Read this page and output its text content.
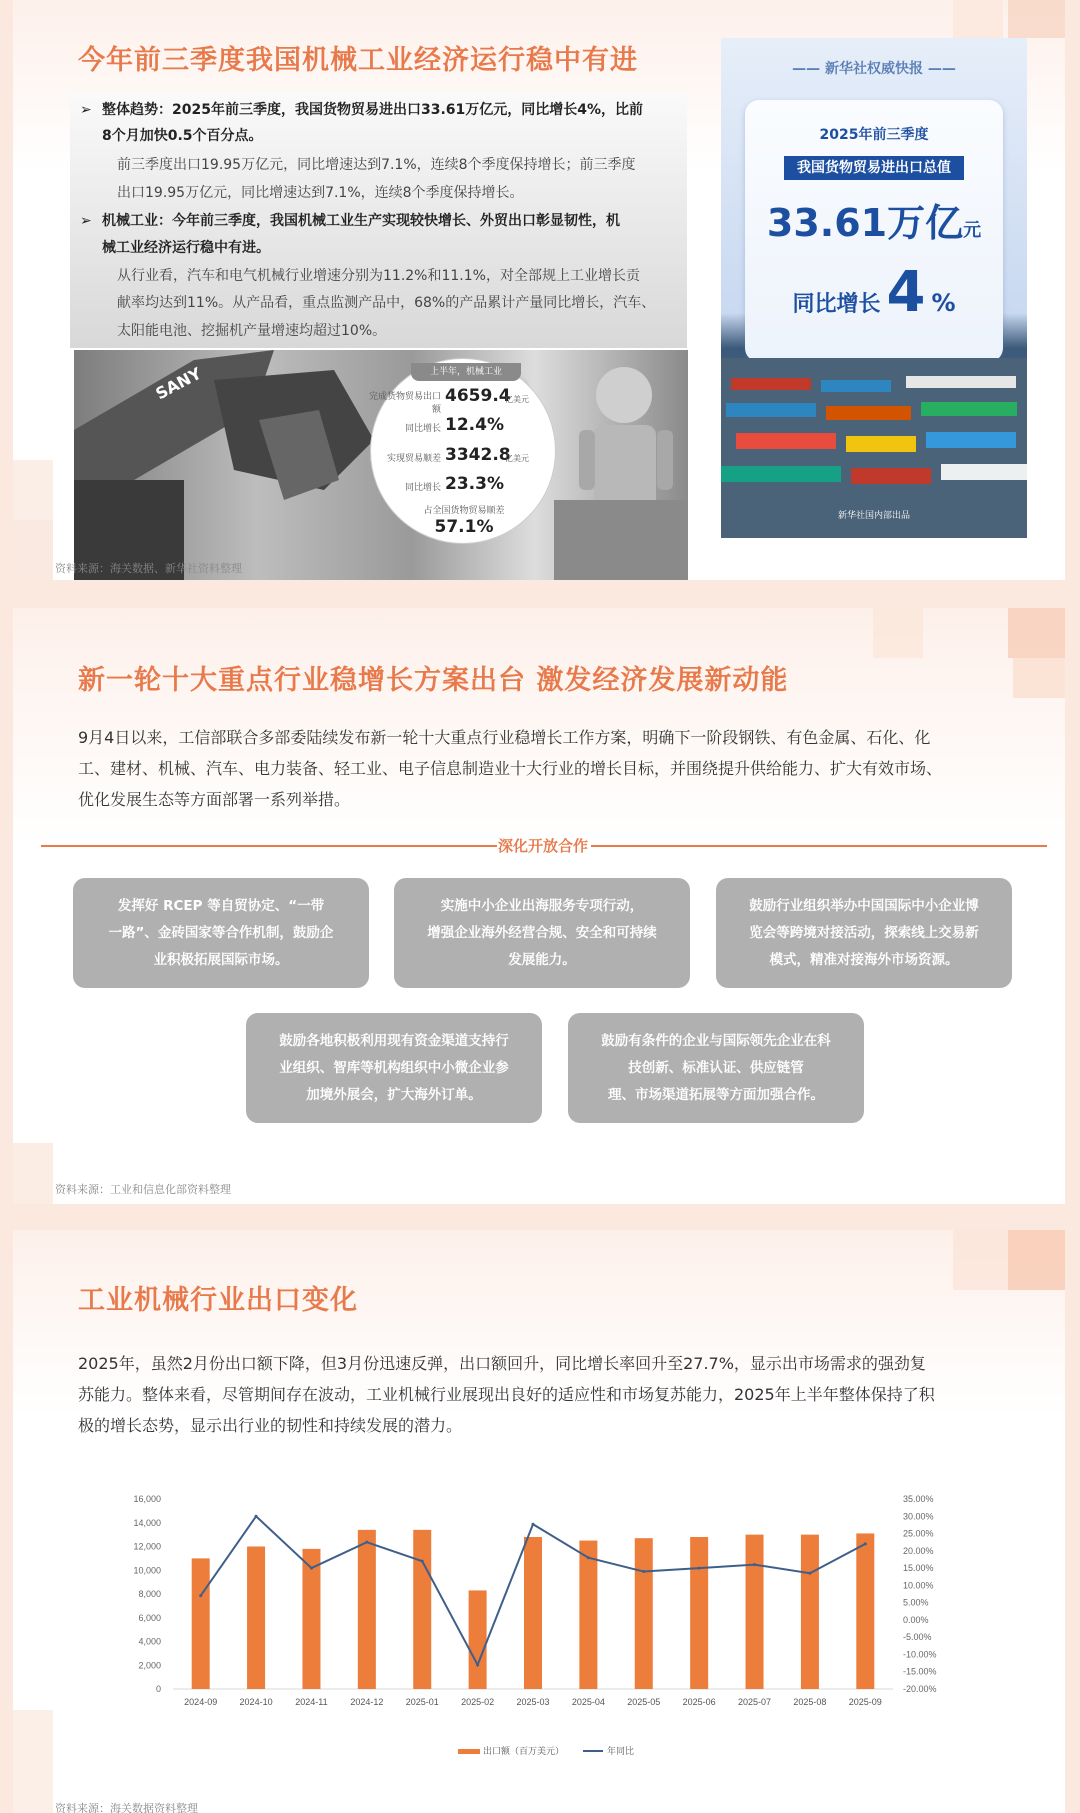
今年前三季度我国机械工业经济运行稳中有进
➢ 整体趋势：2025年前三季度，我国货物贸易进出口33.61万亿元，同比增长4%，比前
8个月加快0.5个百分点。
前三季度出口19.95万亿元，同比增速达到7.1%，连续8个季度保持增长；前三季度
出口19.95万亿元，同比增速达到7.1%，连续8个季度保持增长。
➢ 机械工业：今年前三季度，我国机械工业生产实现较快增长、外贸出口彰显韧性，机
械工业经济运行稳中有进。
从行业看，汽车和电气机械行业增速分别为11.2%和11.1%，对全部规上工业增长贡
献率均达到11%。从产品看，重点监测产品中，68%的产品累计产量同比增长，汽车、
太阳能电池、挖掘机产量增速均超过10%。
SANY	上半年，机械工业
完成货物贸易出口额
4659.4
亿美元
同比增长 12.4%
实现贸易顺差 3342.8
亿美元
同比增长 23.3%
占全国货物贸易顺差
57.1%
—— 新华社权威快报 ——
2025年前三季度
我国货物贸易进出口总值
33.61万亿元
同比增长 4 %
新华社国内部出品
资料来源：海关数据、新华社资料整理
新一轮十大重点行业稳增长方案出台 激发经济发展新动能
9月4日以来，工信部联合多部委陆续发布新一轮十大重点行业稳增长工作方案，明确下一阶段钢铁、有色金属、石化、化
工、建材、机械、汽车、电力装备、轻工业、电子信息制造业十大行业的增长目标，并围绕提升供给能力、扩大有效市场、
优化发展生态等方面部署一系列举措。
深化开放合作
发挥好 RCEP 等自贸协定、“一带
一路”、金砖国家等合作机制，鼓励企
业积极拓展国际市场。
实施中小企业出海服务专项行动，
增强企业海外经营合规、安全和可持续
发展能力。
鼓励行业组织举办中国国际中小企业博
览会等跨境对接活动，探索线上交易新
模式，精准对接海外市场资源。
鼓励各地积极利用现有资金渠道支持行
业组织、智库等机构组织中小微企业参
加境外展会，扩大海外订单。
鼓励有条件的企业与国际领先企业在科
技创新、标准认证、供应链管
理、市场渠道拓展等方面加强合作。
资料来源：工业和信息化部资料整理
工业机械行业出口变化
2025年，虽然2月份出口额下降，但3月份迅速反弹，出口额回升，同比增长率回升至27.7%，显示出市场需求的强劲复
苏能力。整体来看，尽管期间存在波动，工业机械行业展现出良好的适应性和市场复苏能力，2025年上半年整体保持了积
极的增长态势，显示出行业的韧性和持续发展的潜力。
0
2,000
4,000
6,000
8,000
10,000
12,000
14,000
16,000
-20.00%
-15.00%
-10.00%
-5.00%
0.00%
5.00%
10.00%
15.00%
20.00%
25.00%
30.00%
35.00%
2024-09 2024-10	2024-11	2024-12 2025-01 2025-02 2025-03 2025-04 2025-05 2025-06 2025-07 2025-08 2025-09
出口额（百万美元）	年同比
资料来源：海关数据资料整理
